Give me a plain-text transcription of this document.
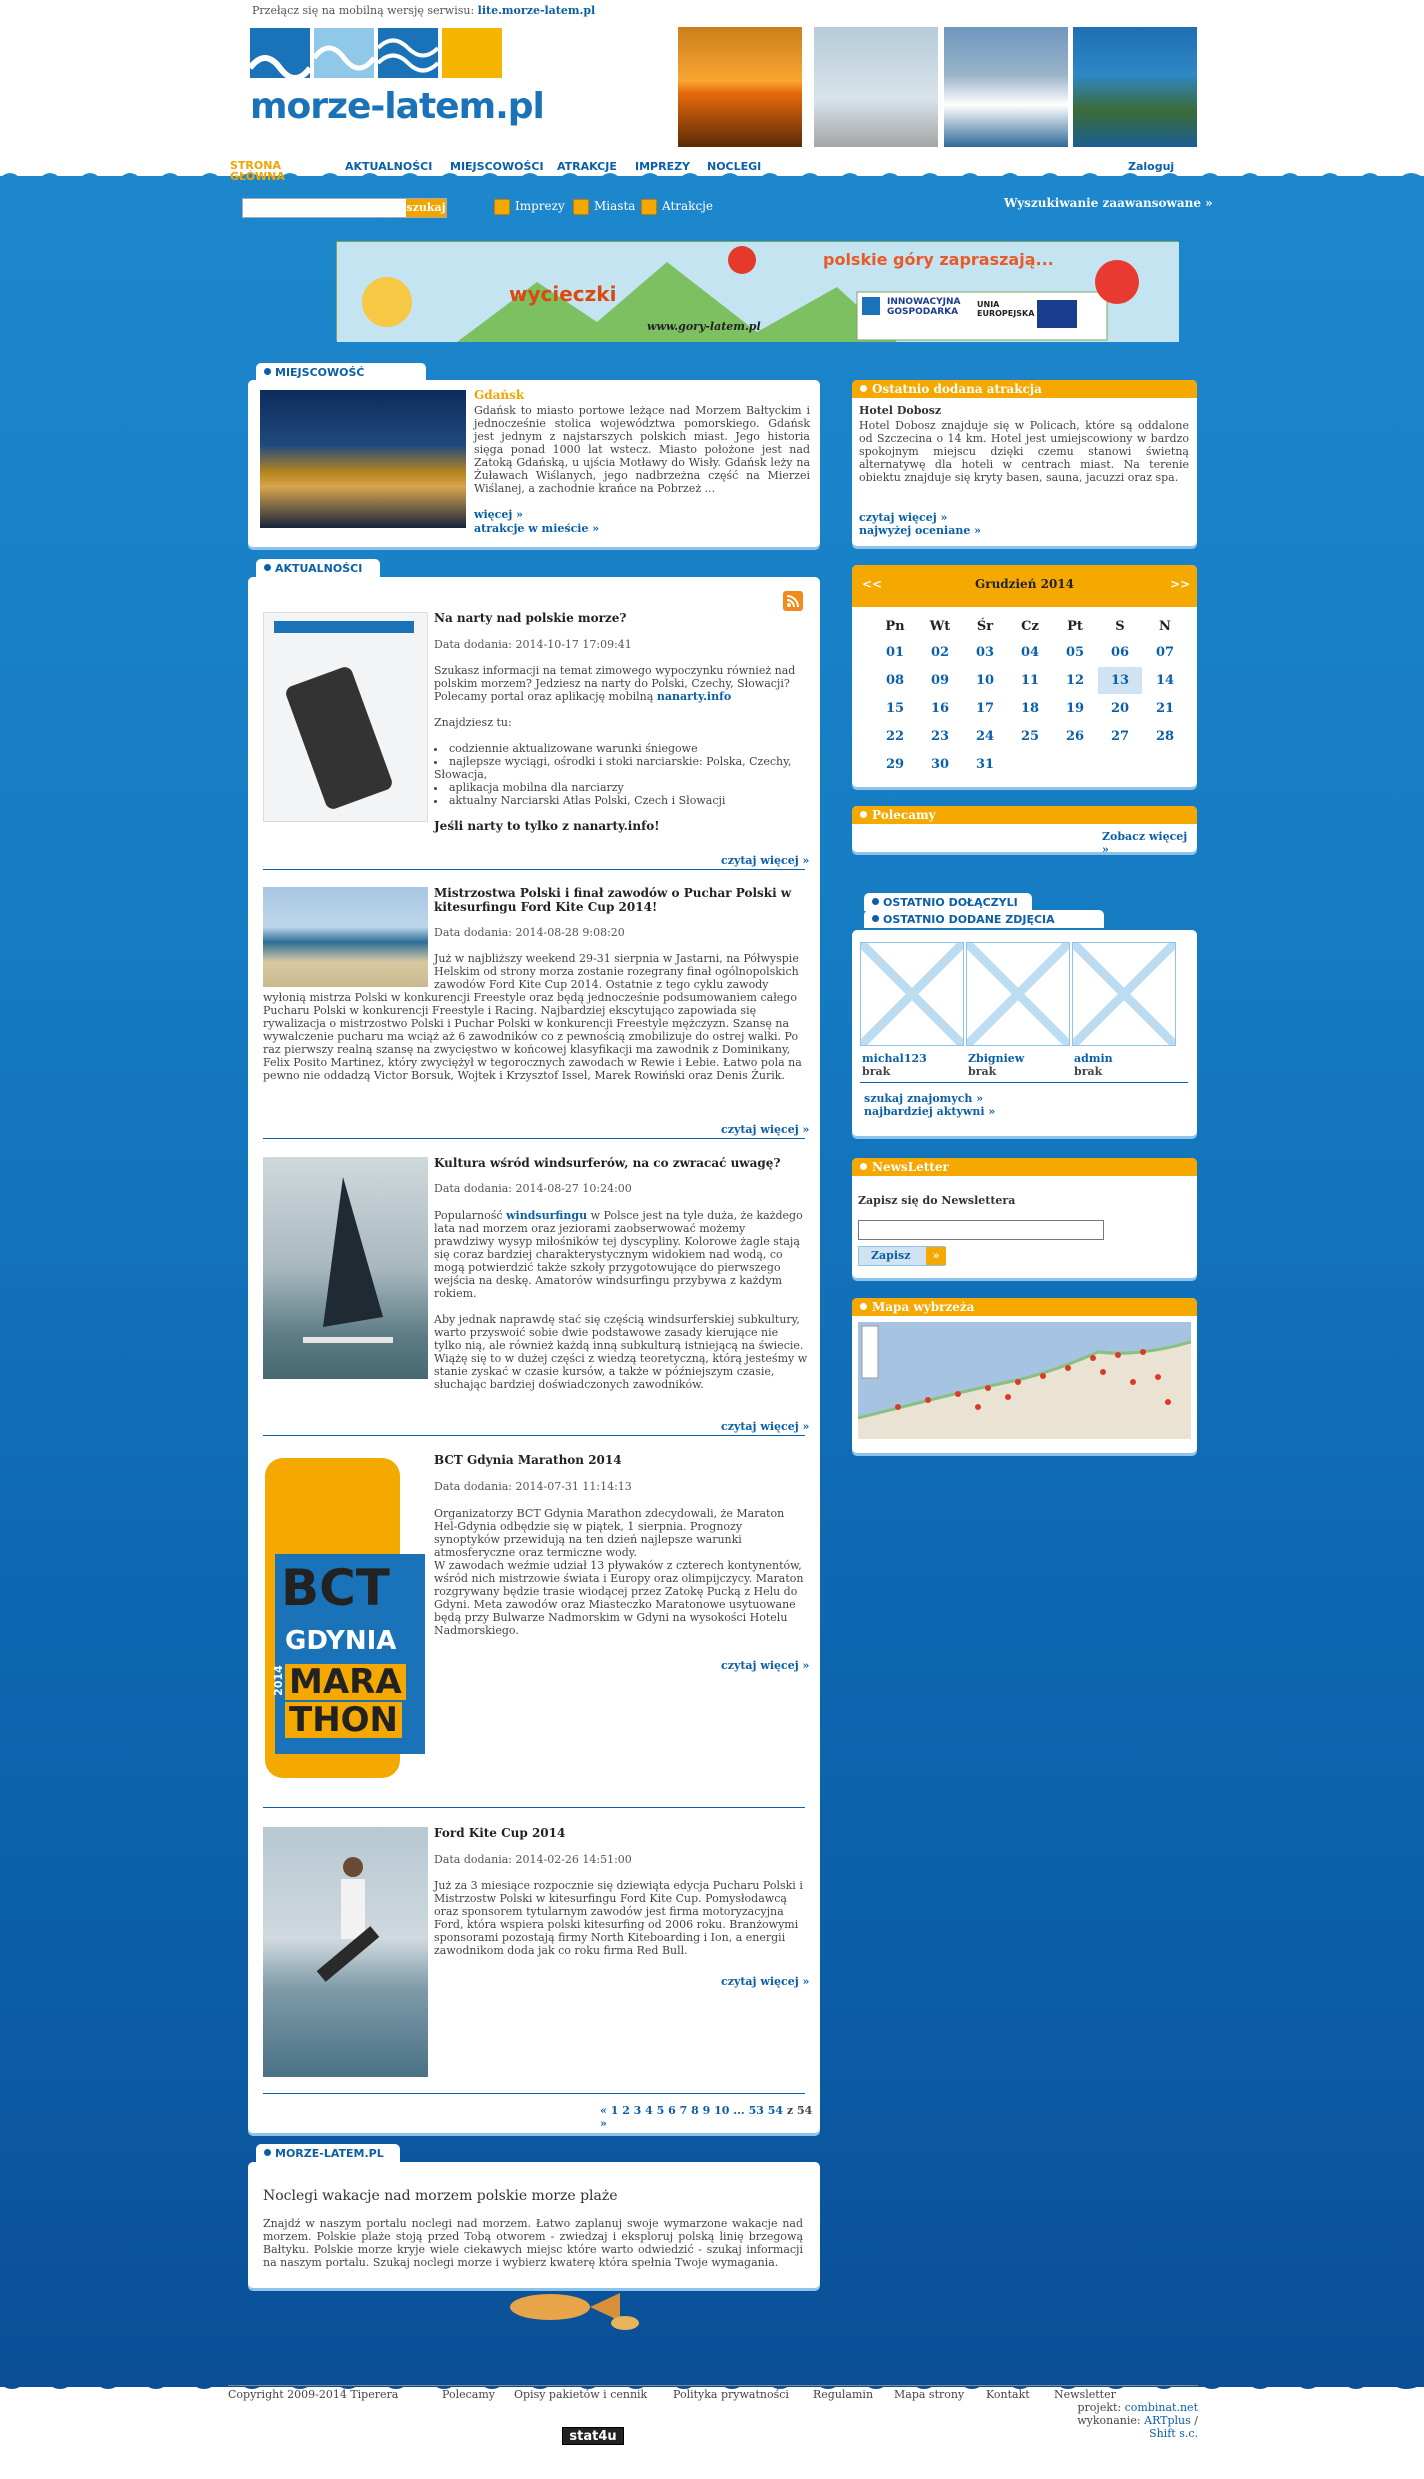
Przełącz się na mobilną wersję serwisu: lite.morze-latem.pl
morze-latem.pl
STRONA GŁÓWNA
AKTUALNOŚCI MIEJSCOWOŚCI ATRAKCJE IMPREZY NOCLEGI	Zaloguj
szukaj	Imprezy Miasta Atrakcje	Wyszukiwanie zaawansowane »
polskie góry zapraszają...
wycieczki
www.gory-latem.pl
INNOWACYJNA GOSPODARKA
UNIA EUROPEJSKA
MIEJSCOWOŚĆ
Gdańsk
Gdańsk to miasto portowe leżące nad Morzem Bałtyckim i jednocześnie stolica województwa pomorskiego. Gdańsk jest jednym z najstarszych polskich miast. Jego historia sięga ponad 1000 lat wstecz. Miasto położone jest nad Zatoką Gdańską, u ujścia Motławy do Wisły. Gdańsk leży na Żuławach Wiślanych, jego nadbrzeżna część na Mierzei Wiślanej, a zachodnie krańce na Pobrzeż ...
więcej »
atrakcje w mieście »
AKTUALNOŚCI
Na narty nad polskie morze?
Data dodania: 2014-10-17 17:09:41
Szukasz informacji na temat zimowego wypoczynku również nad polskim morzem? Jedziesz na narty do Polski, Czechy, Słowacji? Polecamy portal oraz aplikację mobilną nanarty.info

Znajdziesz tu:

• codziennie aktualizowane warunki śniegowe
• najlepsze wyciągi, ośrodki i stoki narciarskie: Polska, Czechy, Słowacja,
• aplikacja mobilna dla narciarzy
• aktualny Narciarski Atlas Polski, Czech i Słowacji

Jeśli narty to tylko z nanarty.info!
czytaj więcej »
Mistrzostwa Polski i finał zawodów o Puchar Polski w kitesurfingu Ford Kite Cup 2014!
Data dodania: 2014-08-28 9:08:20
Już w najbliższy weekend 29-31 sierpnia w Jastarni, na Półwyspie Helskim od strony morza zostanie rozegrany finał ogólnopolskich zawodów Ford Kite Cup 2014. Ostatnie z tego cyklu zawody wyłonią mistrza Polski w konkurencji Freestyle oraz będą jednocześnie podsumowaniem całego Pucharu Polski w konkurencji Freestyle i Racing. Najbardziej ekscytująco zapowiada się rywalizacja o mistrzostwo Polski i Puchar Polski w konkurencji Freestyle mężczyzn. Szansę na wywalczenie pucharu ma wciąż aż 6 zawodników co z pewnością zmobilizuje do ostrej walki. Po raz pierwszy realną szansę na zwycięstwo w końcowej klasyfikacji ma zawodnik z Dominikany, Felix Posito Martinez, który zwyciężył w tegorocznych zawodach w Rewie i Łebie. Łatwo pola na pewno nie oddadzą Victor Borsuk, Wojtek i Krzysztof Issel, Marek Rowiński oraz Denis Żurik.
czytaj więcej »
Kultura wśród windsurferów, na co zwracać uwagę?
Data dodania: 2014-08-27 10:24:00
Popularność windsurfingu w Polsce jest na tyle duża, że każdego lata nad morzem oraz jeziorami zaobserwować możemy prawdziwy wysyp miłośników tej dyscypliny. Kolorowe żagle stają się coraz bardziej charakterystycznym widokiem nad wodą, co mogą potwierdzić także szkoły przygotowujące do pierwszego wejścia na deskę. Amatorów windsurfingu przybywa z każdym rokiem.

Aby jednak naprawdę stać się częścią windsurferskiej subkultury, warto przyswoić sobie dwie podstawowe zasady kierujące nie tylko nią, ale również każdą inną subkulturą istniejącą na świecie. Wiążę się to w dużej części z wiedzą teoretyczną, którą jesteśmy w stanie zyskać w czasie kursów, a także w późniejszym czasie, słuchając bardziej doświadczonych zawodników.
czytaj więcej »
BCT
GDYNIA
MARA
THON
2014
BCT Gdynia Marathon 2014
Data dodania: 2014-07-31 11:14:13
Organizatorzy BCT Gdynia Marathon zdecydowali, że Maraton Hel-Gdynia odbędzie się w piątek, 1 sierpnia. Prognozy synoptyków przewidują na ten dzień najlepsze warunki atmosferyczne oraz termiczne wody.
W zawodach weźmie udział 13 pływaków z czterech kontynentów, wśród nich mistrzowie świata i Europy oraz olimpijczycy. Maraton rozgrywany będzie trasie wiodącej przez Zatokę Pucką z Helu do Gdyni. Meta zawodów oraz Miasteczko Maratonowe usytuowane będą przy Bulwarze Nadmorskim w Gdyni na wysokości Hotelu Nadmorskiego.
czytaj więcej »
Ford Kite Cup 2014
Data dodania: 2014-02-26 14:51:00
Już za 3 miesiące rozpocznie się dziewiąta edycja Pucharu Polski i Mistrzostw Polski w kitesurfingu Ford Kite Cup. Pomysłodawcą oraz sponsorem tytularnym zawodów jest firma motoryzacyjna Ford, która wspiera polski kitesurfing od 2006 roku. Branżowymi sponsorami pozostają firmy North Kiteboarding i Ion, a energii zawodnikom doda jak co roku firma Red Bull.
czytaj więcej »
« 1 2 3 4 5 6 7 8 9 10 ... 53 54 z 54 »
MORZE-LATEM.PL
Noclegi wakacje nad morzem polskie morze plaże
Znajdź w naszym portalu noclegi nad morzem. Łatwo zaplanuj swoje wymarzone wakacje nad morzem. Polskie plaże stoją przed Tobą otworem - zwiedzaj i eksploruj polską linię brzegową Bałtyku. Polskie morze kryje wiele ciekawych miejsc które warto odwiedzić - szukaj informacji na naszym portalu. Szukaj noclegi morze i wybierz kwaterę która spełnia Twoje wymagania.
Ostatnio dodana atrakcja
Hotel Dobosz
Hotel Dobosz znajduje się w Policach, które są oddalone od Szczecina o 14 km. Hotel jest umiejscowiony w bardzo spokojnym miejscu dzięki czemu stanowi świetną alternatywę dla hoteli w centrach miast. Na terenie obiektu znajduje się kryty basen, sauna, jacuzzi oraz spa.
czytaj więcej »
najwyżej oceniane »
<<	Grudzień 2014	>>
Pn	Wt	Śr	Cz	Pt	S	N
01	02	03	04	05	06	07
08	09	10	11	12	13	14
15	16	17	18	19	20	21
22	23	24	25	26	27	28
29	30	31				
Polecamy
Zobacz więcej »
OSTATNIO DOŁĄCZYLI
OSTATNIO DODANE ZDJĘCIA
michal123
brak
Zbigniew
brak
admin
brak
szukaj znajomych »
najbardziej aktywni »
NewsLetter
Zapisz się do Newslettera
Zapisz	»
Mapa wybrzeża
Copyright 2009-2014 Tiperera	Polecamy Opisy pakietów i cennik Polityka prywatności Regulamin Mapa strony Kontakt Newsletter
projekt: combinat.net
wykonanie: ARTplus / Shift s.c.
stat4u
